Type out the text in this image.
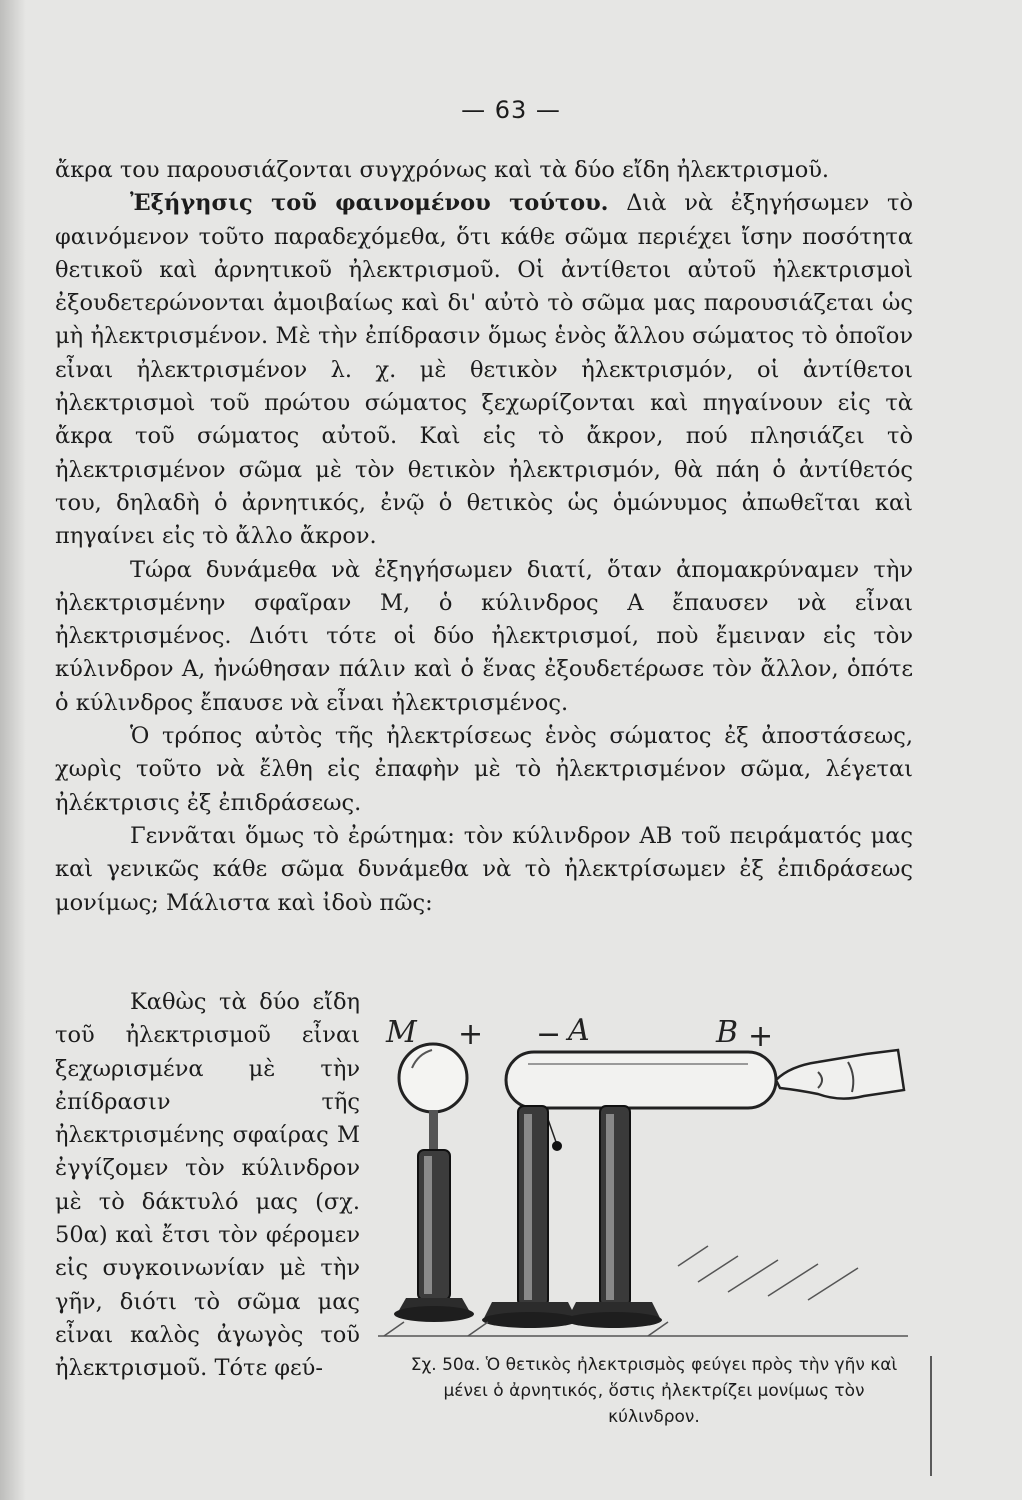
— 63 —

ἄκρα του παρουσιάζονται συγχρόνως καὶ τὰ δύο εἴδη ἠλεκτρισμοῦ.

Ἐξήγησις τοῦ φαινομένου τούτου. Διὰ νὰ ἐξηγήσωμεν τὸ φαινόμενον τοῦτο παραδεχόμεθα, ὅτι κάθε σῶμα περιέχει ἴσην ποσότητα θετικοῦ καὶ ἀρνητικοῦ ἠλεκτρισμοῦ. Οἱ ἀντίθετοι αὐτοῦ ἠλεκτρισμοὶ ἐξουδετερώνονται ἀμοιβαίως καὶ δι' αὐτὸ τὸ σῶμα μας παρουσιάζεται ὡς μὴ ἠλεκτρισμένον. Μὲ τὴν ἐπίδρασιν ὅμως ἑνὸς ἄλλου σώματος τὸ ὁποῖον εἶναι ἠλεκτρισμένον λ. χ. μὲ θετικὸν ἠλεκτρισμόν, οἱ ἀντίθετοι ἠλεκτρισμοὶ τοῦ πρώτου σώματος ξεχωρίζονται καὶ πηγαίνουν εἰς τὰ ἄκρα τοῦ σώματος αὐτοῦ. Καὶ εἰς τὸ ἄκρον, πού πλησιάζει τὸ ἠλεκτρισμένον σῶμα μὲ τὸν θετικὸν ἠλεκτρισμόν, θὰ πάη ὁ ἀντίθετός του, δηλαδὴ ὁ ἀρνητικός, ἐνῷ ὁ θετικὸς ὡς ὁμώνυμος ἀπωθεῖται καὶ πηγαίνει εἰς τὸ ἄλλο ἄκρον.

Τώρα δυνάμεθα νὰ ἐξηγήσωμεν διατί, ὅταν ἀπομακρύναμεν τὴν ἠλεκτρισμένην σφαῖραν Μ, ὁ κύλινδρος Α ἔπαυσεν νὰ εἶναι ἠλεκτρισμένος. Διότι τότε οἱ δύο ἠλεκτρισμοί, ποὺ ἔμειναν εἰς τὸν κύλινδρον Α, ἠνώθησαν πάλιν καὶ ὁ ἕνας ἐξουδετέρωσε τὸν ἄλλον, ὁπότε ὁ κύλινδρος ἔπαυσε νὰ εἶναι ἠλεκτρισμένος.

Ὁ τρόπος αὐτὸς τῆς ἠλεκτρίσεως ἑνὸς σώματος ἐξ ἀποστάσεως, χωρὶς τοῦτο νὰ ἔλθη εἰς ἐπαφὴν μὲ τὸ ἠλεκτρισμένον σῶμα, λέγεται ἠλέκτρισις ἐξ ἐπιδράσεως.

Γεννᾶται ὅμως τὸ ἐρώτημα: τὸν κύλινδρον ΑΒ τοῦ πειράματός μας καὶ γενικῶς κάθε σῶμα δυνάμεθα νὰ τὸ ἠλεκτρίσωμεν ἐξ ἐπιδράσεως μονίμως; Μάλιστα καὶ ἰδοὺ πῶς:

Καθὼς τὰ δύο εἴδη τοῦ ἠλεκτρισμοῦ εἶναι ξεχωρισμένα μὲ τὴν ἐπίδρασιν τῆς ἠλεκτρισμένης σφαίρας Μ ἐγγίζομεν τὸν κύλινδρον μὲ τὸ δάκτυλό μας (σχ. 50α) καὶ ἔτσι τὸν φέρομεν εἰς συγκοινωνίαν μὲ τὴν γῆν, διότι τὸ σῶμα μας εἶναι καλὸς ἀγωγὸς τοῦ ἠλεκτρισμοῦ. Τότε φεύ-
Μ + − Α	Β +
Σχ. 50α. Ὁ θετικὸς ἠλεκτρισμὸς φεύγει πρὸς τὴν γῆν καὶ μένει ὁ ἀρνητικός, ὅστις ἠλεκτρίζει μονίμως τὸν κύλινδρον.
